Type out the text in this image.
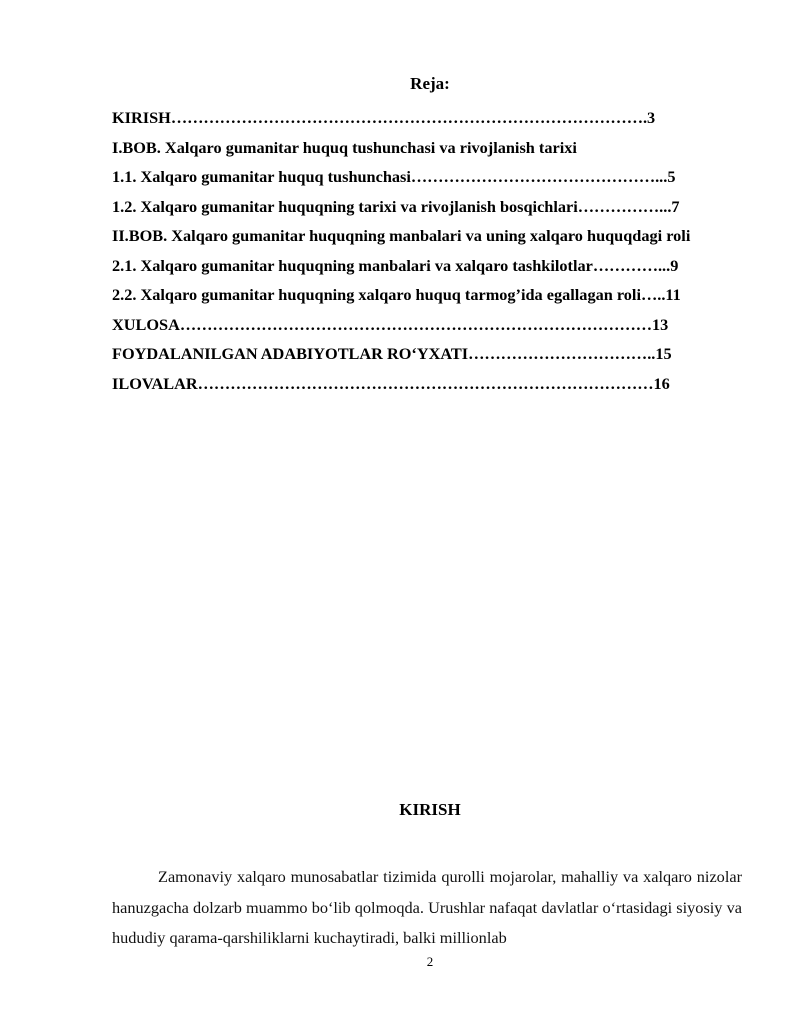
Reja:
KIRISH…………………………………………………………………………….3
I.BOB. Xalqaro gumanitar huquq tushunchasi va rivojlanish tarixi
1.1. Xalqaro gumanitar huquq tushunchasi………………………………………...5
1.2. Xalqaro gumanitar huquqning tarixi va rivojlanish bosqichlari……………...7
II.BOB. Xalqaro gumanitar huquqning manbalari va uning xalqaro huquqdagi roli
2.1. Xalqaro gumanitar huquqning manbalari va xalqaro tashkilotlar…………...9
2.2. Xalqaro gumanitar huquqning xalqaro huquq tarmog’ida egallagan roli…..11
XULOSA……………………………………………………………………………13
FOYDALANILGAN ADABIYOTLAR RO‘YXATI……………………………..15
ILOVALAR…………………………………………………………………………16
KIRISH

Zamonaviy xalqaro munosabatlar tizimida qurolli mojarolar, mahalliy va xalqaro nizolar hanuzgacha dolzarb muammo bo‘lib qolmoqda. Urushlar nafaqat davlatlar o‘rtasidagi siyosiy va hududiy qarama-qarshiliklarni kuchaytiradi, balki millionlab

2
